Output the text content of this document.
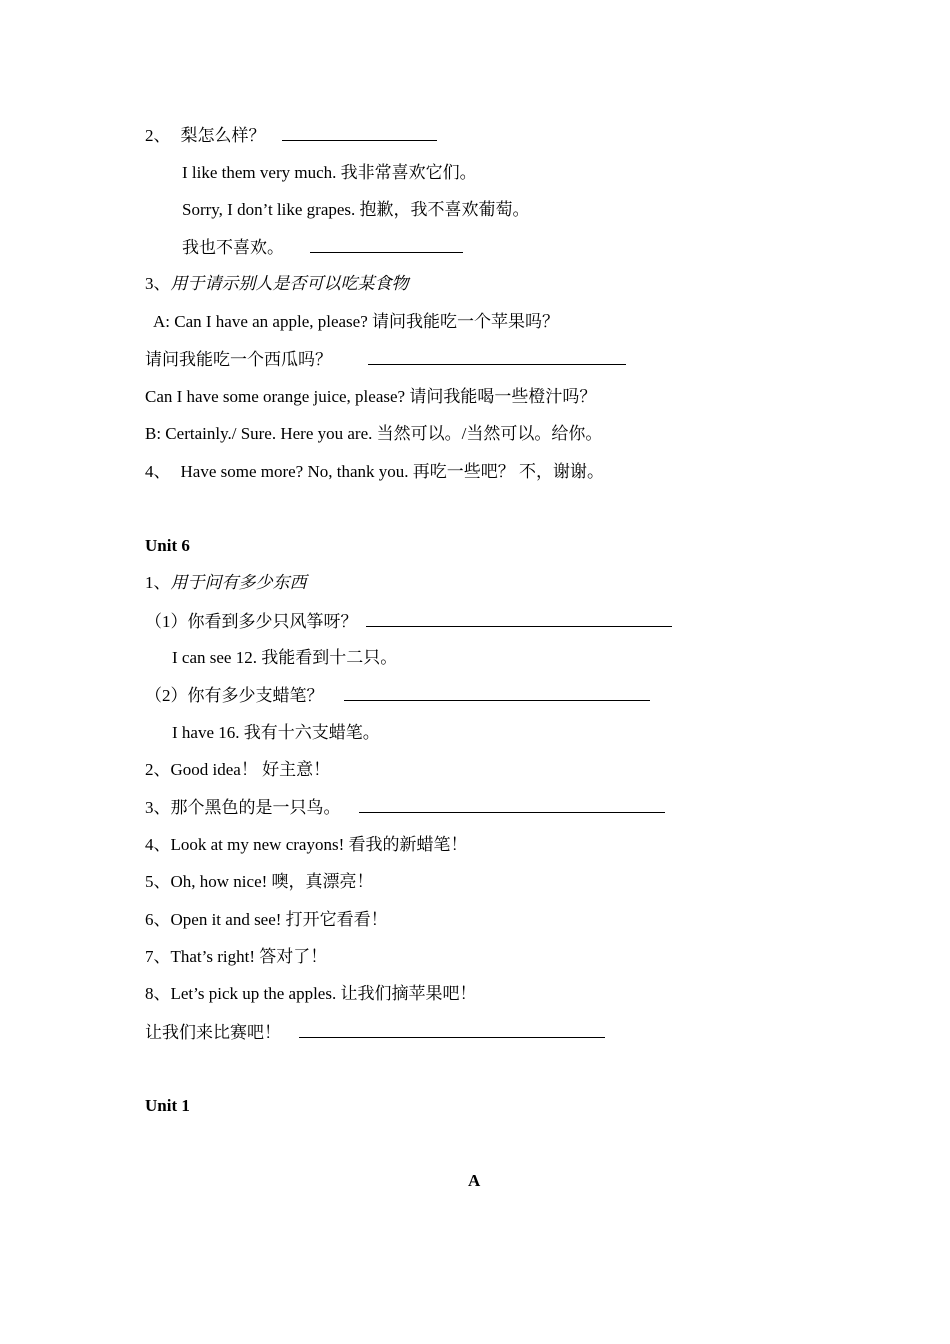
2、 梨怎么样？
I like them very much. 我非常喜欢它们。
Sorry, I don’t like grapes. 抱歉，我不喜欢葡萄。
我也不喜欢。
3、用于请示别人是否可以吃某食物
A: Can I have an apple, please? 请问我能吃一个苹果吗？
请问我能吃一个西瓜吗？
Can I have some orange juice, please? 请问我能喝一些橙汁吗？
B: Certainly./ Sure. Here you are. 当然可以。/当然可以。给你。
4、 Have some more? No, thank you. 再吃一些吧？ 不，谢谢。
Unit 6
1、用于问有多少东西
（1）你看到多少只风筝呀？
I can see 12. 我能看到十二只。
（2）你有多少支蜡笔？
I have 16. 我有十六支蜡笔。
2、Good idea！ 好主意！
3、那个黑色的是一只鸟。
4、Look at my new crayons! 看我的新蜡笔！
5、Oh, how nice! 噢，真漂亮！
6、Open it and see! 打开它看看！
7、That’s right! 答对了！
8、Let’s pick up the apples. 让我们摘苹果吧！
让我们来比赛吧！
Unit 1
A
